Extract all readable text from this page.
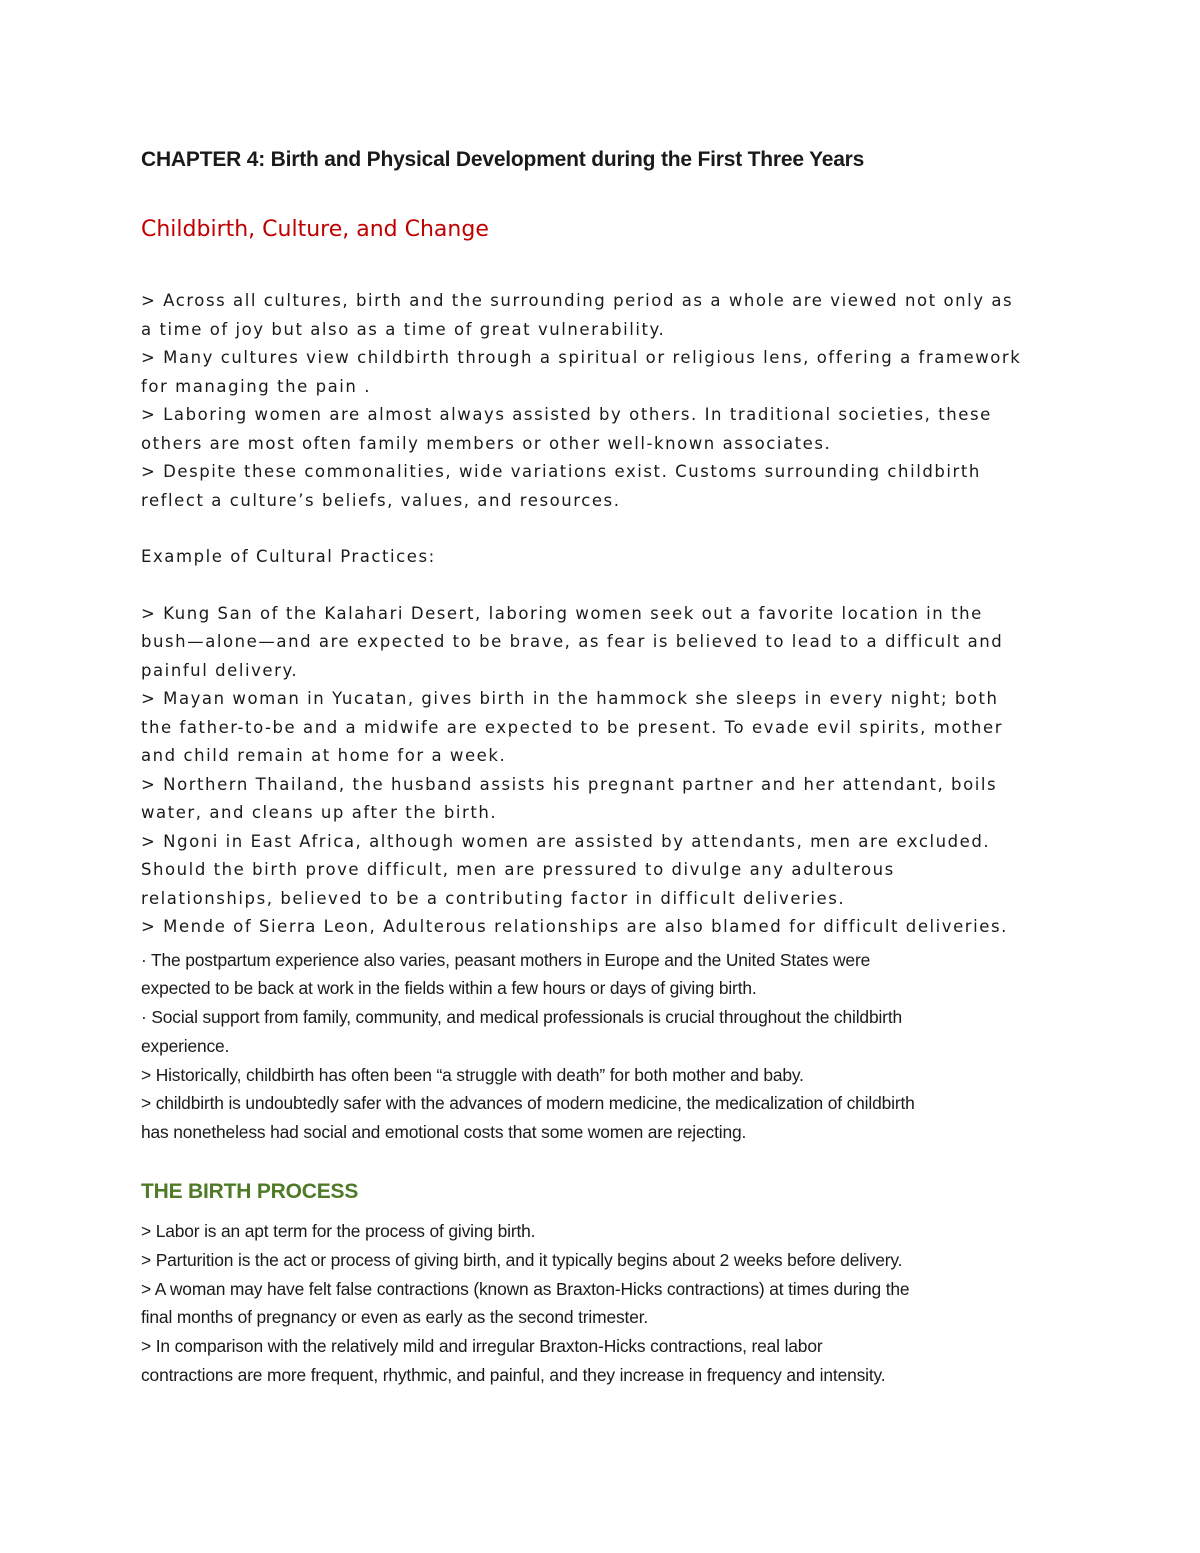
CHAPTER 4: Birth and Physical Development during the First Three Years
Childbirth, Culture, and Change

> Across all cultures, birth and the surrounding period as a whole are viewed not only as

a time of joy but also as a time of great vulnerability.

> Many cultures view childbirth through a spiritual or religious lens, offering a framework

for managing the pain .

> Laboring women are almost always assisted by others. In traditional societies, these

others are most often family members or other well-known associates.

> Despite these commonalities, wide variations exist. Customs surrounding childbirth

reflect a culture’s beliefs, values, and resources.

Example of Cultural Practices:

> Kung San of the Kalahari Desert, laboring women seek out a favorite location in the

bush—alone—and are expected to be brave, as fear is believed to lead to a difficult and

painful delivery.

> Mayan woman in Yucatan, gives birth in the hammock she sleeps in every night; both

the father-to-be and a midwife are expected to be present. To evade evil spirits, mother

and child remain at home for a week.

> Northern Thailand, the husband assists his pregnant partner and her attendant, boils

water, and cleans up after the birth.

> Ngoni in East Africa, although women are assisted by attendants, men are excluded.

Should the birth prove difficult, men are pressured to divulge any adulterous

relationships, believed to be a contributing factor in difficult deliveries.

> Mende of Sierra Leon, Adulterous relationships are also blamed for difficult deliveries.

· The postpartum experience also varies, peasant mothers in Europe and the United States were

expected to be back at work in the fields within a few hours or days of giving birth.

· Social support from family, community, and medical professionals is crucial throughout the childbirth

experience.

> Historically, childbirth has often been “a struggle with death” for both mother and baby.

> childbirth is undoubtedly safer with the advances of modern medicine, the medicalization of childbirth

has nonetheless had social and emotional costs that some women are rejecting.

THE BIRTH PROCESS

> Labor is an apt term for the process of giving birth.

> Parturition is the act or process of giving birth, and it typically begins about 2 weeks before delivery.

> A woman may have felt false contractions (known as Braxton-Hicks contractions) at times during the

final months of pregnancy or even as early as the second trimester.

> In comparison with the relatively mild and irregular Braxton-Hicks contractions, real labor

contractions are more frequent, rhythmic, and painful, and they increase in frequency and intensity.
